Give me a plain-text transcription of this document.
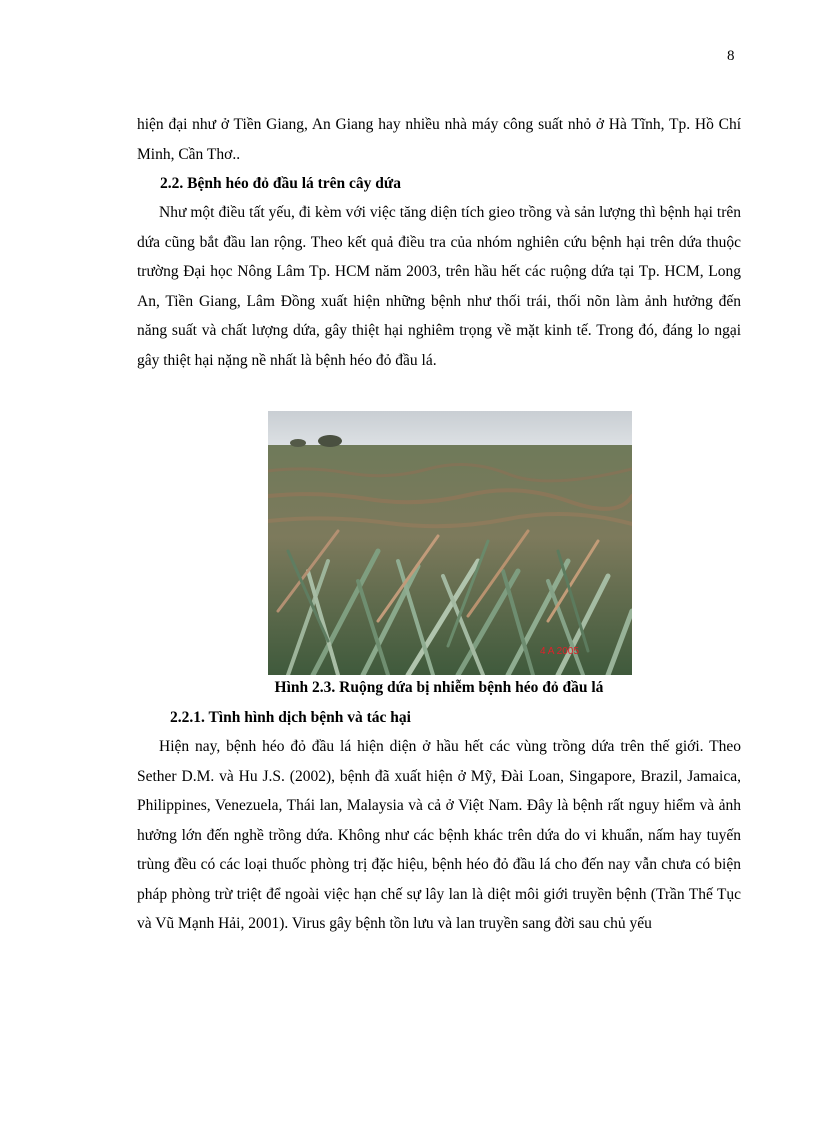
8

hiện đại như ở Tiền Giang, An Giang hay nhiều nhà máy công suất nhỏ ở Hà Tĩnh, Tp. Hồ Chí Minh, Cần Thơ..

2.2. Bệnh héo đỏ đầu lá trên cây dứa

Như một điều tất yếu, đi kèm với việc tăng diện tích gieo trồng và sản lượng thì bệnh hại trên dứa cũng bắt đầu lan rộng. Theo kết quả điều tra của nhóm nghiên cứu bệnh hại trên dứa thuộc trường Đại học Nông Lâm Tp. HCM năm 2003, trên hầu hết các ruộng dứa tại Tp. HCM, Long An, Tiền Giang, Lâm Đồng xuất hiện những bệnh như thối trái, thối nõn làm ảnh hưởng đến năng suất và chất lượng dứa, gây thiệt hại nghiêm trọng về mặt kinh tế. Trong đó, đáng lo ngại gây thiệt hại nặng nề nhất là bệnh héo đỏ đầu lá.

4 A 2005
Hình 2.3. Ruộng dứa bị nhiễm bệnh héo đỏ đầu lá
2.2.1. Tình hình dịch bệnh và tác hại

Hiện nay, bệnh héo đỏ đầu lá hiện diện ở hầu hết các vùng trồng dứa trên thế giới. Theo Sether D.M. và Hu J.S. (2002), bệnh đã xuất hiện ở Mỹ, Đài Loan, Singapore, Brazil, Jamaica, Philippines, Venezuela, Thái lan, Malaysia và cả ở Việt Nam. Đây là bệnh rất nguy hiểm và ảnh hưởng lớn đến nghề trồng dứa. Không như các bệnh khác trên dứa do vi khuẩn, nấm hay tuyến trùng đều có các loại thuốc phòng trị đặc hiệu, bệnh héo đỏ đầu lá cho đến nay vẫn chưa có biện pháp phòng trừ triệt để ngoài việc hạn chế sự lây lan là diệt môi giới truyền bệnh (Trần Thế Tục và Vũ Mạnh Hải, 2001). Virus gây bệnh tồn lưu và lan truyền sang đời sau chủ yếu
